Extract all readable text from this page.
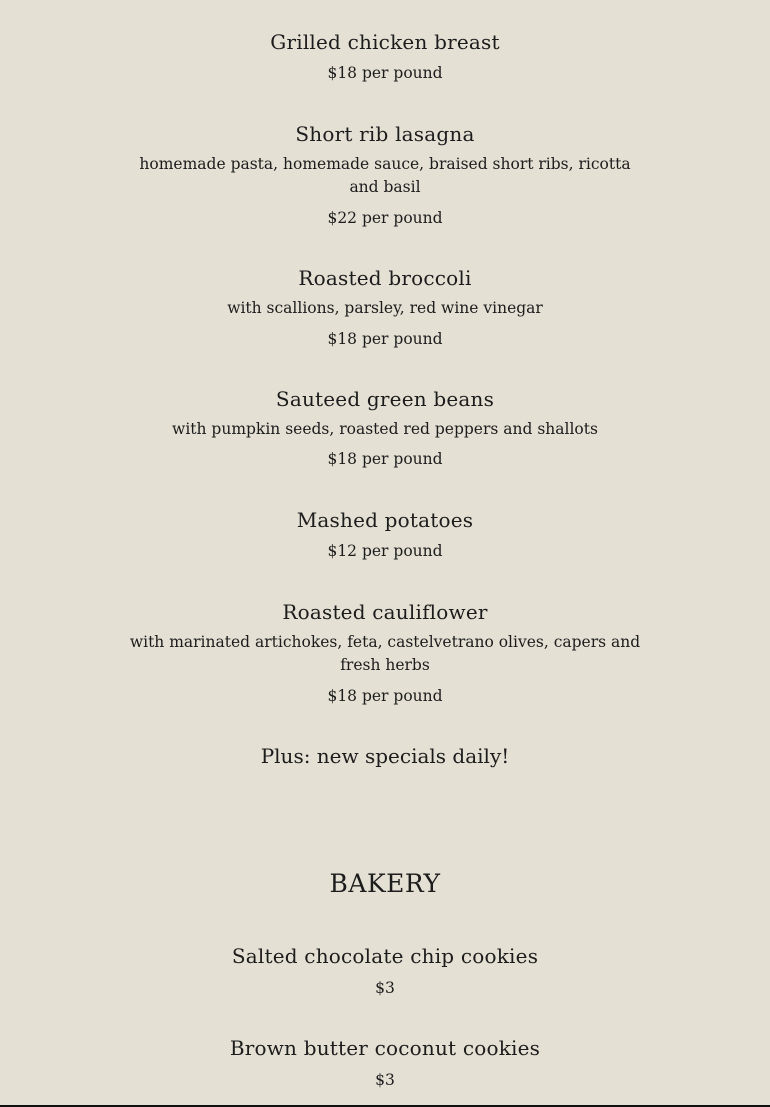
Grilled chicken breast
$18 per pound
Short rib lasagna
homemade pasta, homemade sauce, braised short ribs, ricotta and basil
$22 per pound
Roasted broccoli
with scallions, parsley, red wine vinegar
$18 per pound
Sauteed green beans
with pumpkin seeds, roasted red peppers and shallots
$18 per pound
Mashed potatoes
$12 per pound
Roasted cauliflower
with marinated artichokes, feta, castelvetrano olives, capers and fresh herbs
$18 per pound
Plus: new specials daily!
BAKERY
Salted chocolate chip cookies
$3
Brown butter coconut cookies
$3
